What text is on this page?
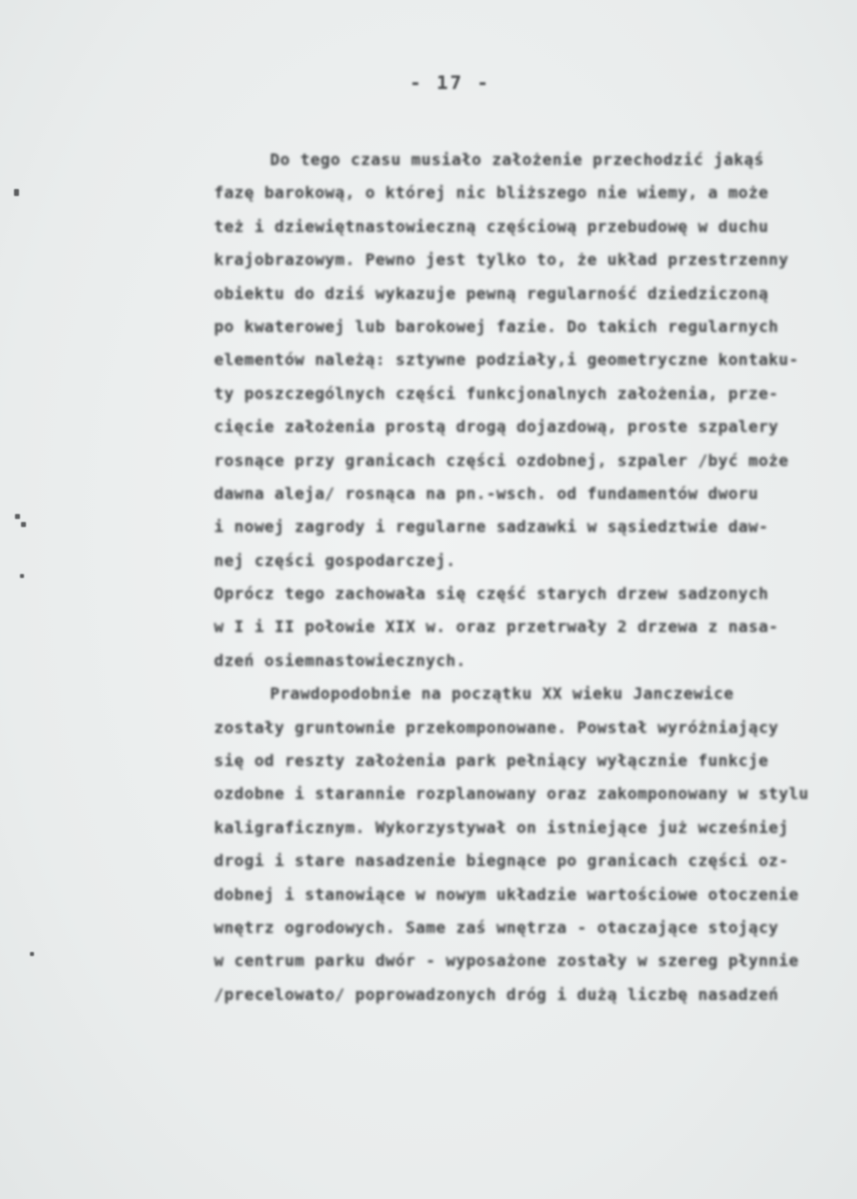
- 17 -
Do tego czasu musiało założenie przechodzić jakąś
fazę barokową, o której nic bliższego nie wiemy, a może
też i dziewiętnastowieczną częściową przebudowę w duchu
krajobrazowym. Pewno jest tylko to, że układ przestrzenny
obiektu do dziś wykazuje pewną regularność dziedziczoną
po kwaterowej lub barokowej fazie. Do takich regularnych
elementów należą: sztywne podziały,i geometryczne kontaku-
ty poszczególnych części funkcjonalnych założenia, prze-
cięcie założenia prostą drogą dojazdową, proste szpalery
rosnące przy granicach części ozdobnej, szpaler /być może
dawna aleja/ rosnąca na pn.-wsch. od fundamentów dworu
i nowej zagrody i regularne sadzawki w sąsiedztwie daw-
nej części gospodarczej.
Oprócz tego zachowała się część starych drzew sadzonych
w I i II połowie XIX w. oraz przetrwały 2 drzewa z nasa-
dzeń osiemnastowiecznych.
Prawdopodobnie na początku XX wieku Janczewice
zostały gruntownie przekomponowane. Powstał wyróżniający
się od reszty założenia park pełniący wyłącznie funkcje
ozdobne i starannie rozplanowany oraz zakomponowany w stylu
kaligraficznym. Wykorzystywał on istniejące już wcześniej
drogi i stare nasadzenie biegnące po granicach części oz-
dobnej i stanowiące w nowym układzie wartościowe otoczenie
wnętrz ogrodowych. Same zaś wnętrza - otaczające stojący
w centrum parku dwór - wyposażone zostały w szereg płynnie
/precelowato/ poprowadzonych dróg i dużą liczbę nasadzeń
